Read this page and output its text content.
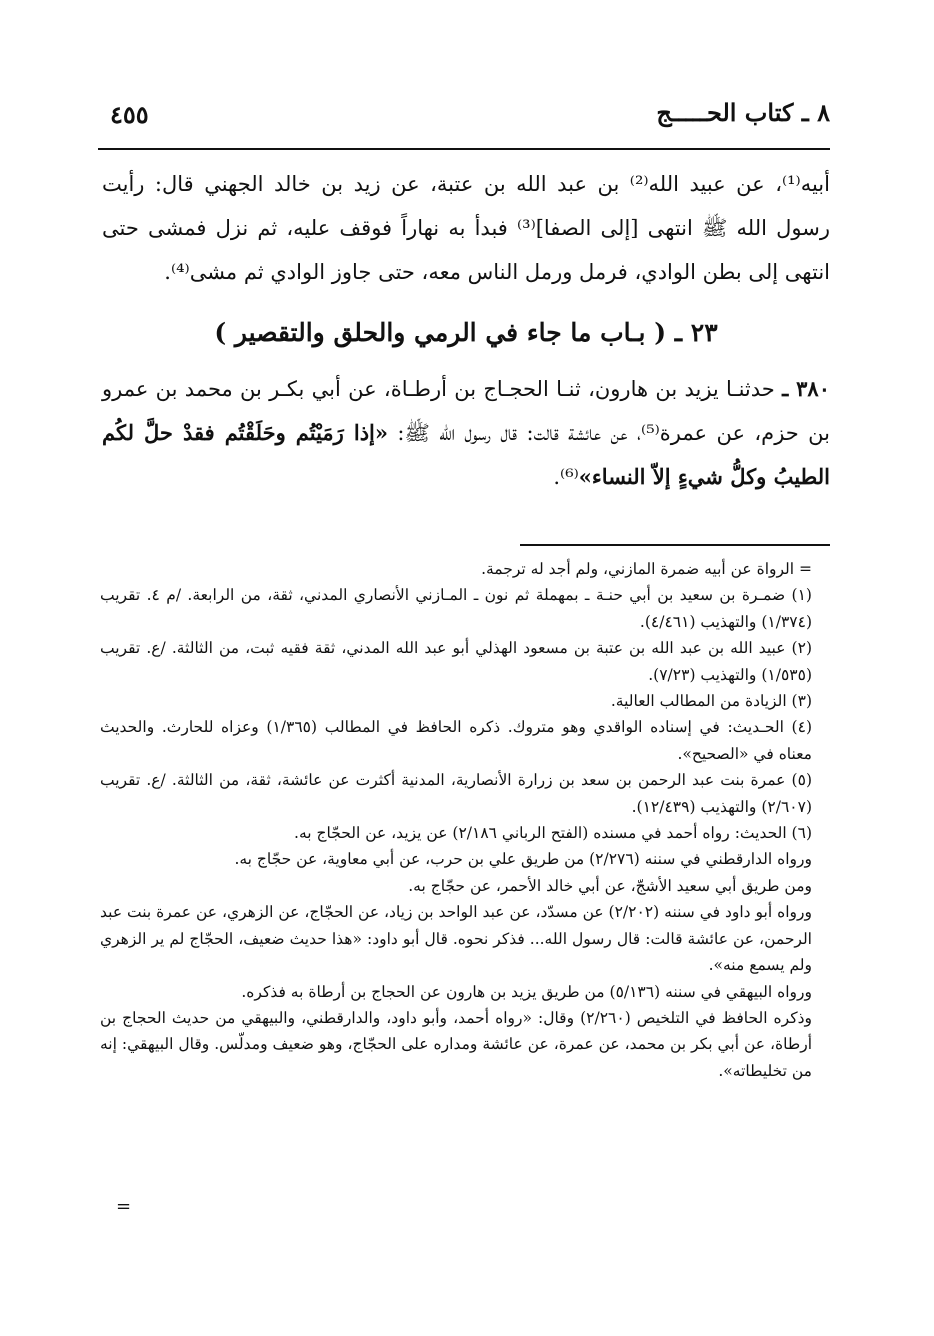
٨ ـ كتاب الحـــــج
٤٥٥

أبيه⁽¹⁾، عن عبيد الله⁽²⁾ بن عبد الله بن عتبة، عن زيد بن خالد الجهني قال: رأيت رسول الله ﷺ انتهى [إلى الصفا]⁽³⁾ فبدأ به نهاراً فوقف عليه، ثم نزل فمشى حتى انتهى إلى بطن الوادي، فرمل ورمل الناس معه، حتى جاوز الوادي ثم مشى⁽⁴⁾.

٢٣ ـ ( بـاب ما جاء في الرمي والحلق والتقصير )

٣٨٠ ـ حدثنـا يزيد بن هارون، ثنـا الحجـاج بن أرطـاة، عن أبي بكـر بن محمد بن عمرو بن حزم، عن عمرة⁽⁵⁾، عن عائشة قالت: قال رسول الله ﷺ: «إذا رَمَيْتُم وحَلَقْتُم فقدْ حلَّ لكُم الطيبُ وكلُّ شيءٍ إلاّ النساء»⁽⁶⁾.

= الرواة عن أبيه ضمرة المازني، ولم أجد له ترجمة.

(١) ضمـرة بن سعيد بن أبي حنـة ـ بمهملة ثم نون ـ المـازني الأنصاري المدني، ثقة، من الرابعة. /م ٤. تقريب (١/٣٧٤) والتهذيب (٤/٤٦١).

(٢) عبيد الله بن عبد الله بن عتبة بن مسعود الهذلي أبو عبد الله المدني، ثقة فقيه ثبت، من الثالثة. /ع. تقريب (١/٥٣٥) والتهذيب (٧/٢٣).

(٣) الزيادة من المطالب العالية.

(٤) الحـديث: في إسناده الواقدي وهو متروك. ذكره الحافظ في المطالب (١/٣٦٥) وعزاه للحارث. والحديث معناه في «الصحيح».

(٥) عمرة بنت عبد الرحمن بن سعد بن زرارة الأنصارية، المدنية أكثرت عن عائشة، ثقة، من الثالثة. /ع. تقريب (٢/٦٠٧) والتهذيب (١٢/٤٣٩).

(٦) الحديث: رواه أحمد في مسنده (الفتح الرباني ٢/١٨٦) عن يزيد، عن الحجّاج به.

ورواه الدارقطني في سننه (٢/٢٧٦) من طريق علي بن حرب، عن أبي معاوية، عن حجّاج به.

ومن طريق أبي سعيد الأشجّ، عن أبي خالد الأحمر، عن حجّاج به.

ورواه أبو داود في سننه (٢/٢٠٢) عن مسدّد، عن عبد الواحد بن زياد، عن الحجّاج، عن الزهري، عن عمرة بنت عبد الرحمن، عن عائشة قالت: قال رسول الله... فذكر نحوه. قال أبو داود: «هذا حديث ضعيف، الحجّاج لم ير الزهري ولم يسمع منه».

ورواه البيهقي في سننه (٥/١٣٦) من طريق يزيد بن هارون عن الحجاج بن أرطاة به فذكره.

وذكره الحافظ في التلخيص (٢/٢٦٠) وقال: «رواه أحمد، وأبو داود، والدارقطني، والبيهقي من حديث الحجاج بن أرطاة، عن أبي بكر بن محمد، عن عمرة، عن عائشة ومداره على الحجّاج، وهو ضعيف ومدلّس. وقال البيهقي: إنه من تخليطاته».

=
